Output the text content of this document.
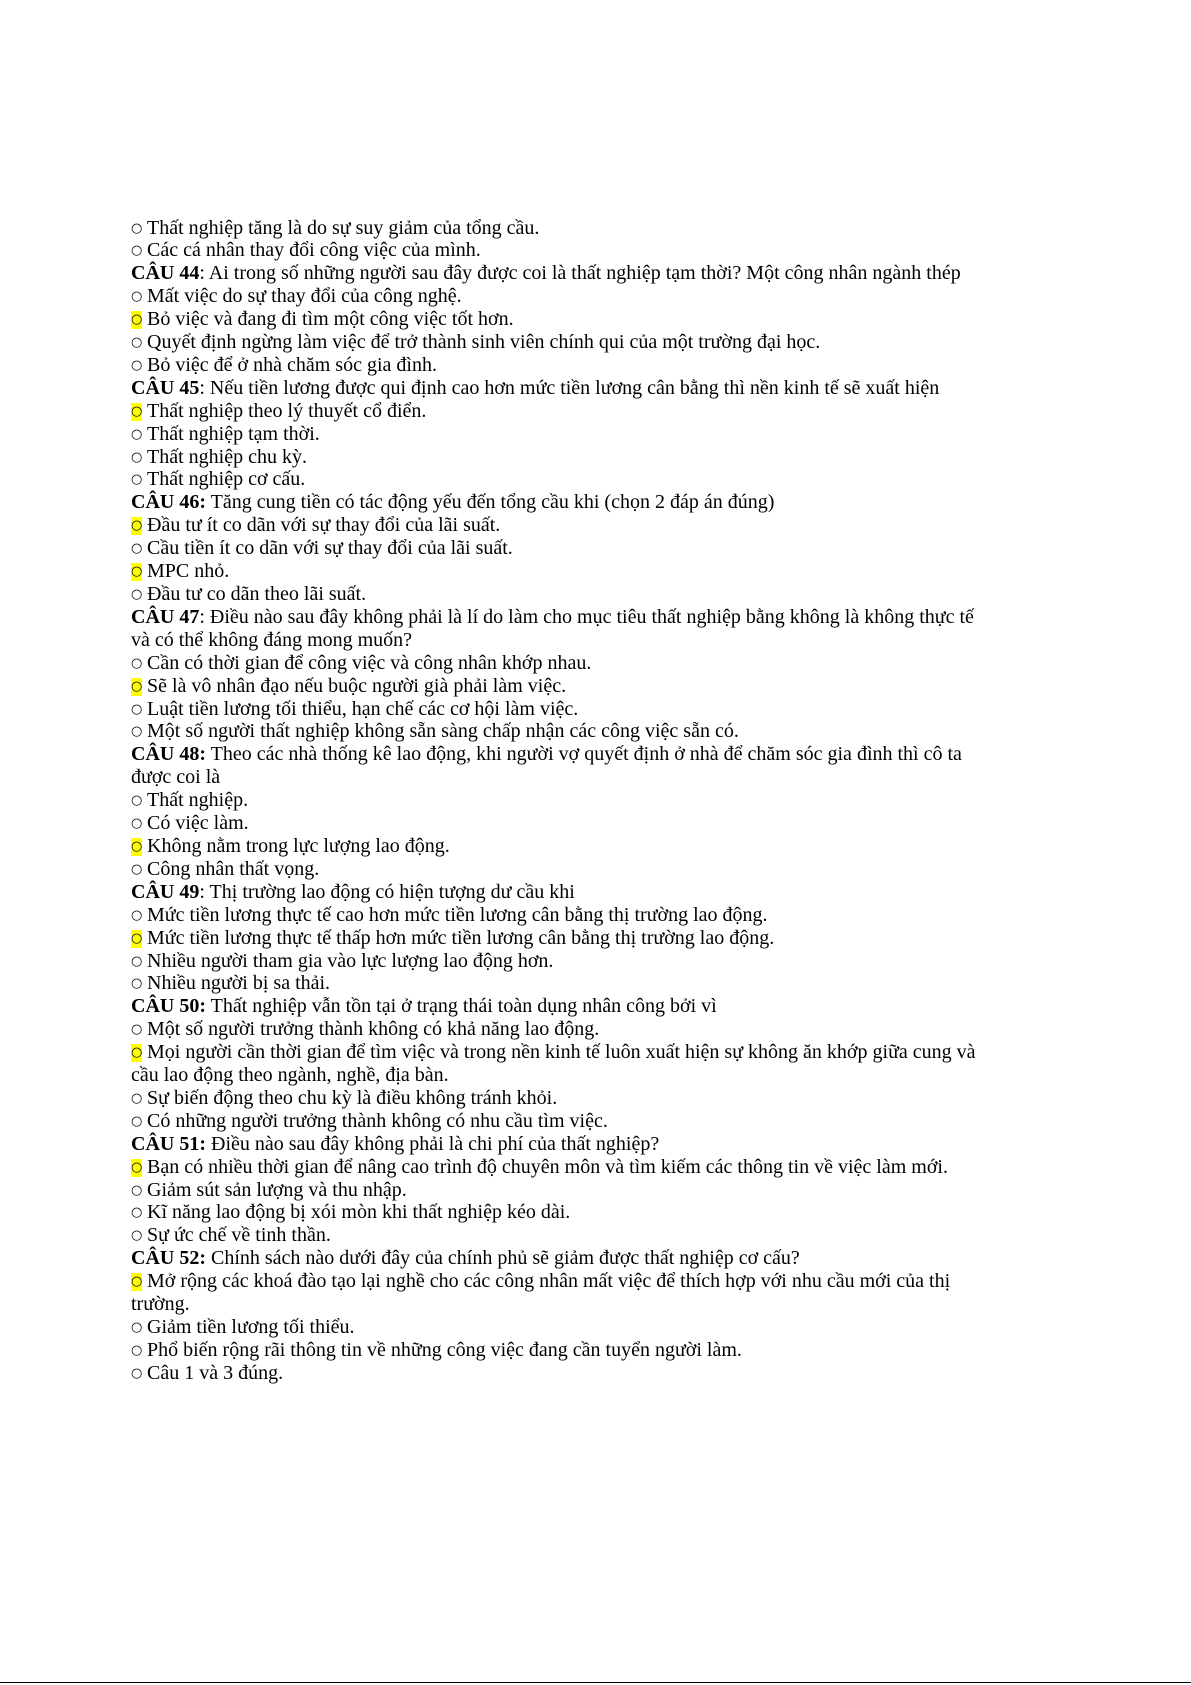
○ Thất nghiệp tăng là do sự suy giảm của tổng cầu.
○ Các cá nhân thay đổi công việc của mình.
CÂU 44: Ai trong số những người sau đây được coi là thất nghiệp tạm thời? Một công nhân ngành thép
○ Mất việc do sự thay đổi của công nghệ.
○ Bỏ việc và đang đi tìm một công việc tốt hơn.
○ Quyết định ngừng làm việc để trở thành sinh viên chính qui của một trường đại học.
○ Bỏ việc để ở nhà chăm sóc gia đình.
CÂU 45: Nếu tiền lương được qui định cao hơn mức tiền lương cân bằng thì nền kinh tế sẽ xuất hiện
○ Thất nghiệp theo lý thuyết cổ điển.
○ Thất nghiệp tạm thời.
○ Thất nghiệp chu kỳ.
○ Thất nghiệp cơ cấu.
CÂU 46: Tăng cung tiền có tác động yếu đến tổng cầu khi (chọn 2 đáp án đúng)
○ Đầu tư ít co dãn với sự thay đổi của lãi suất.
○ Cầu tiền ít co dãn với sự thay đổi của lãi suất.
○ MPC nhỏ.
○ Đầu tư co dãn theo lãi suất.
CÂU 47: Điều nào sau đây không phải là lí do làm cho mục tiêu thất nghiệp bằng không là không thực tế
và có thể không đáng mong muốn?
○ Cần có thời gian để công việc và công nhân khớp nhau.
○ Sẽ là vô nhân đạo nếu buộc người già phải làm việc.
○ Luật tiền lương tối thiểu, hạn chế các cơ hội làm việc.
○ Một số người thất nghiệp không sẵn sàng chấp nhận các công việc sẵn có.
CÂU 48: Theo các nhà thống kê lao động, khi người vợ quyết định ở nhà để chăm sóc gia đình thì cô ta
được coi là
○ Thất nghiệp.
○ Có việc làm.
○ Không nằm trong lực lượng lao động.
○ Công nhân thất vọng.
CÂU 49: Thị trường lao động có hiện tượng dư cầu khi
○ Mức tiền lương thực tế cao hơn mức tiền lương cân bằng thị trường lao động.
○ Mức tiền lương thực tế thấp hơn mức tiền lương cân bằng thị trường lao động.
○ Nhiều người tham gia vào lực lượng lao động hơn.
○ Nhiều người bị sa thải.
CÂU 50: Thất nghiệp vẫn tồn tại ở trạng thái toàn dụng nhân công bởi vì
○ Một số người trưởng thành không có khả năng lao động.
○ Mọi người cần thời gian để tìm việc và trong nền kinh tế luôn xuất hiện sự không ăn khớp giữa cung và
cầu lao động theo ngành, nghề, địa bàn.
○ Sự biến động theo chu kỳ là điều không tránh khỏi.
○ Có những người trưởng thành không có nhu cầu tìm việc.
CÂU 51: Điều nào sau đây không phải là chi phí của thất nghiệp?
○ Bạn có nhiều thời gian để nâng cao trình độ chuyên môn và tìm kiếm các thông tin về việc làm mới.
○ Giảm sút sản lượng và thu nhập.
○ Kĩ năng lao động bị xói mòn khi thất nghiệp kéo dài.
○ Sự ức chế về tinh thần.
CÂU 52: Chính sách nào dưới đây của chính phủ sẽ giảm được thất nghiệp cơ cấu?
○ Mở rộng các khoá đào tạo lại nghề cho các công nhân mất việc để thích hợp với nhu cầu mới của thị
trường.
○ Giảm tiền lương tối thiểu.
○ Phổ biến rộng rãi thông tin về những công việc đang cần tuyển người làm.
○ Câu 1 và 3 đúng.
